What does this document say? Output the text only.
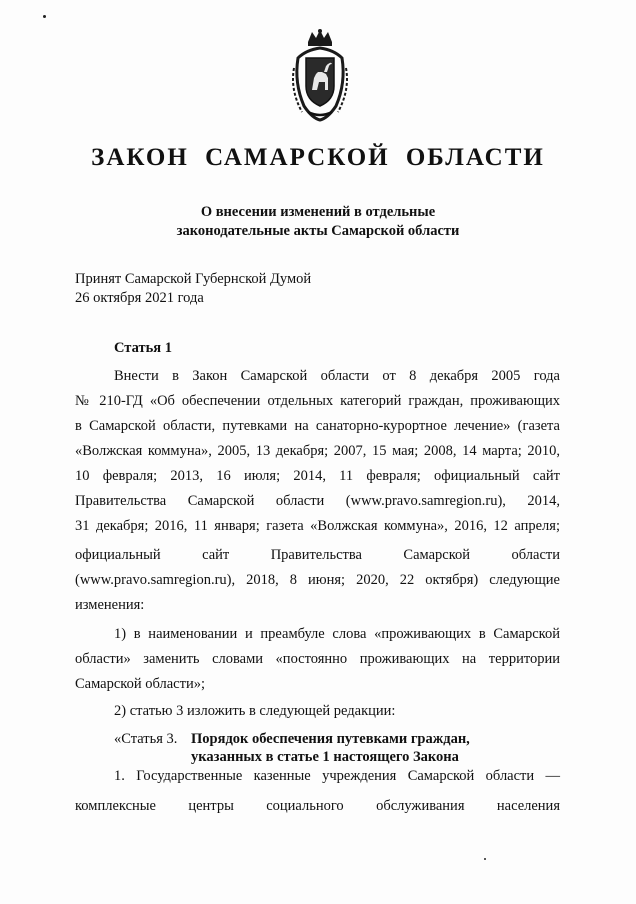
ЗАКОН САМАРСКОЙ ОБЛАСТИ
О внесении изменений в отдельные
законодательные акты Самарской области
Принят Самарской Губернской Думой
26 октября 2021 года
Статья 1
Внести в Закон Самарской области от 8 декабря 2005 года
№ 210-ГД «Об обеспечении отдельных категорий граждан, проживающих
в Самарской области, путевками на санаторно-курортное лечение» (газета
«Волжская коммуна», 2005, 13 декабря; 2007, 15 мая; 2008, 14 марта; 2010,
10 февраля; 2013, 16 июля; 2014, 11 февраля; официальный сайт
Правительства Самарской области (www.pravo.samregion.ru), 2014,
31 декабря; 2016, 11 января; газета «Волжская коммуна», 2016, 12 апреля;
официальный сайт Правительства Самарской области
(www.pravo.samregion.ru), 2018, 8 июня; 2020, 22 октября) следующие
изменения:
1) в наименовании и преамбуле слова «проживающих в Самарской
области» заменить словами «постоянно проживающих на территории
Самарской области»;
2) статью 3 изложить в следующей редакции:
«Статья 3. Порядок обеспечения путевками граждан,
указанных в статье 1 настоящего Закона
1. Государственные казенные учреждения Самарской области —
комплексные центры социального обслуживания населения
